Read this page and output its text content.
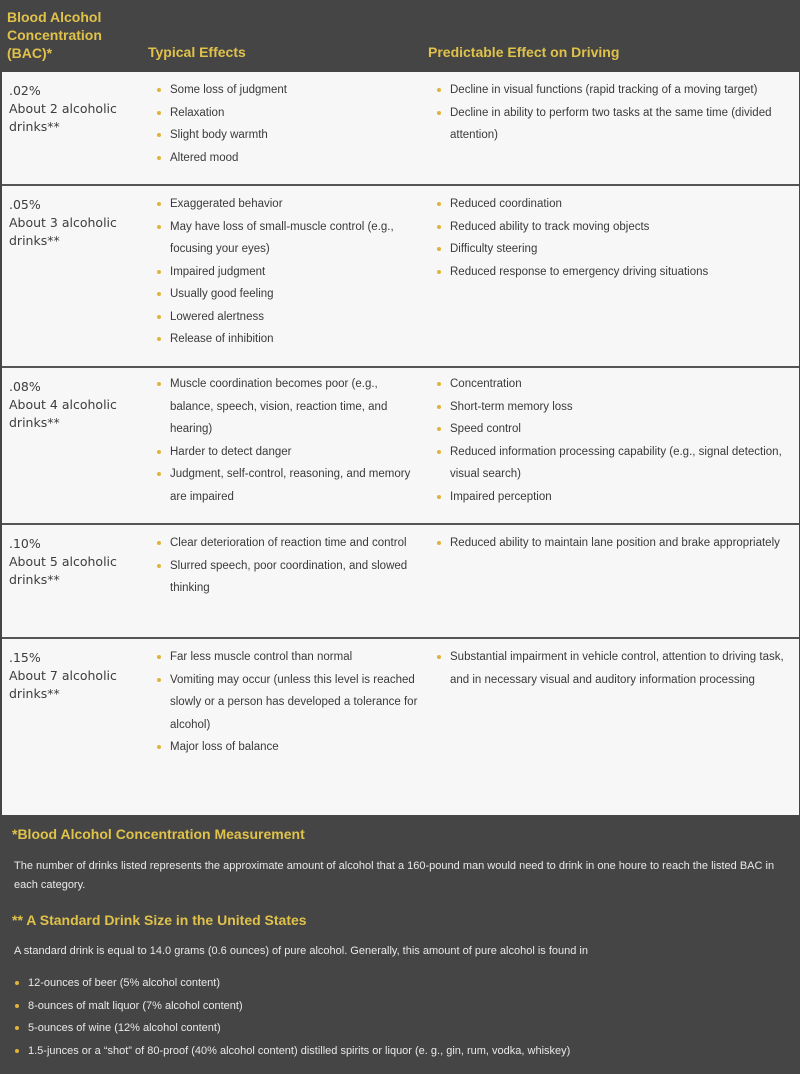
Blood Alcohol Concentration (BAC)*	Typical Effects	Predictable Effect on Driving
.02%
About 2 alcoholic drinks**
Some loss of judgment
Relaxation
Slight body warmth
Altered mood
Decline in visual functions (rapid tracking of a moving target)
Decline in ability to perform two tasks at the same time (divided attention)
.05%
About 3 alcoholic drinks**
Exaggerated behavior
May have loss of small-muscle control (e.g., focusing your eyes)
Impaired judgment
Usually good feeling
Lowered alertness
Release of inhibition
Reduced coordination
Reduced ability to track moving objects
Difficulty steering
Reduced response to emergency driving situations
.08%
About 4 alcoholic drinks**
Muscle coordination becomes poor (e.g., balance, speech, vision, reaction time, and hearing)
Harder to detect danger
Judgment, self-control, reasoning, and memory are impaired
Concentration
Short-term memory loss
Speed control
Reduced information processing capability (e.g., signal detection, visual search)
Impaired perception
.10%
About 5 alcoholic drinks**
Clear deterioration of reaction time and control
Slurred speech, poor coordination, and slowed thinking
Reduced ability to maintain lane position and brake appropriately
.15%
About 7 alcoholic drinks**
Far less muscle control than normal
Vomiting may occur (unless this level is reached slowly or a person has developed a tolerance for alcohol)
Major loss of balance
Substantial impairment in vehicle control, attention to driving task, and in necessary visual and auditory information processing
*Blood Alcohol Concentration Measurement
The number of drinks listed represents the approximate amount of alcohol that a 160-pound man would need to drink in one houre to reach the listed BAC in each category.
** A Standard Drink Size in the United States
A standard drink is equal to 14.0 grams (0.6 ounces) of pure alcohol. Generally, this amount of pure alcohol is found in
12-ounces of beer (5% alcohol content)
8-ounces of malt liquor (7% alcohol content)
5-ounces of wine (12% alcohol content)
1.5-junces or a “shot” of 80-proof (40% alcohol content) distilled spirits or liquor (e. g., gin, rum, vodka, whiskey)
